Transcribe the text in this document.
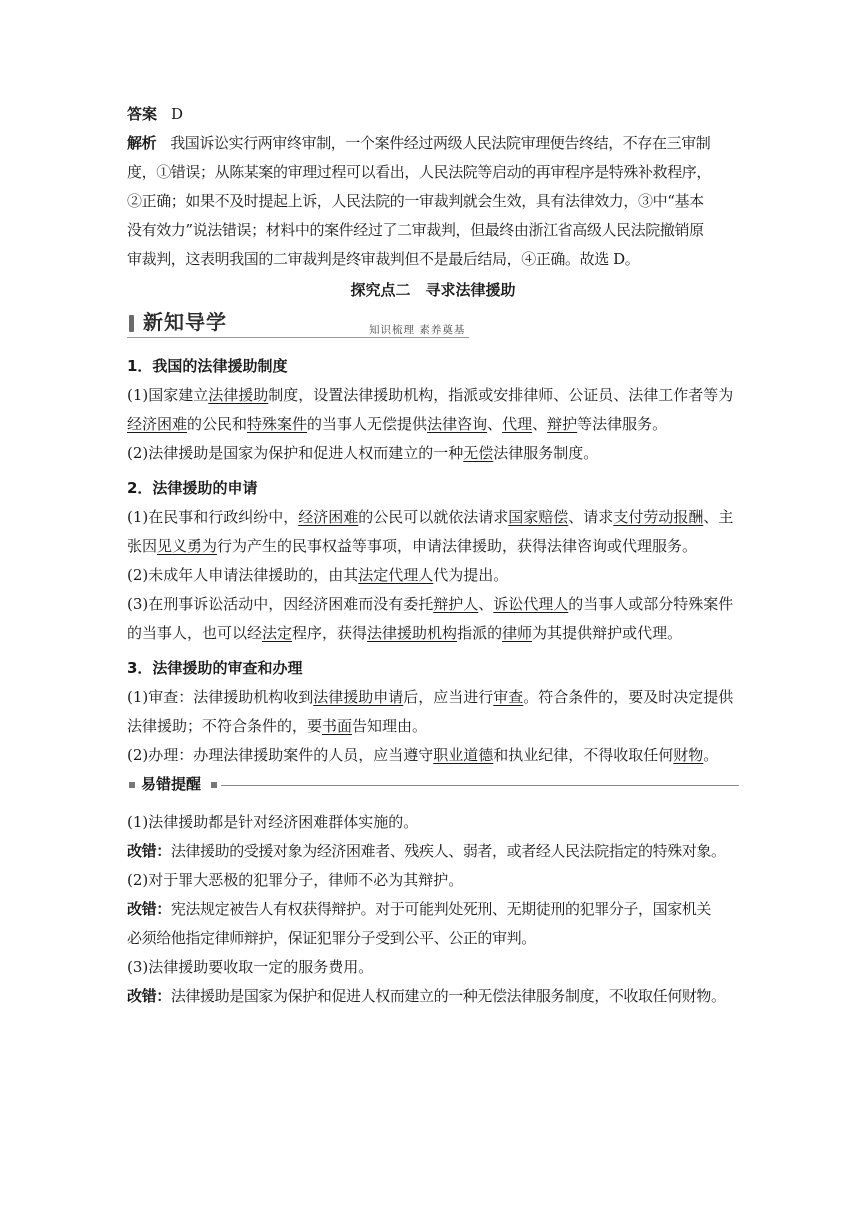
答案 D
解析 我国诉讼实行两审终审制，一个案件经过两级人民法院审理便告终结，不存在三审制
度，①错误；从陈某案的审理过程可以看出，人民法院等启动的再审程序是特殊补救程序，
②正确；如果不及时提起上诉，人民法院的一审裁判就会生效，具有法律效力，③中“基本
没有效力”说法错误；材料中的案件经过了二审裁判，但最终由浙江省高级人民法院撤销原
审裁判，这表明我国的二审裁判是终审裁判但不是最后结局，④正确。故选 D。
探究点二　寻求法律援助
新知导学	知识梳理 素养奠基
1．我国的法律援助制度
(1)国家建立法律援助制度，设置法律援助机构，指派或安排律师、公证员、法律工作者等为
经济困难的公民和特殊案件的当事人无偿提供法律咨询、代理、辩护等法律服务。
(2)法律援助是国家为保护和促进人权而建立的一种无偿法律服务制度。
2．法律援助的申请
(1)在民事和行政纠纷中，经济困难的公民可以就依法请求国家赔偿、请求支付劳动报酬、主
张因见义勇为行为产生的民事权益等事项，申请法律援助，获得法律咨询或代理服务。
(2)未成年人申请法律援助的，由其法定代理人代为提出。
(3)在刑事诉讼活动中，因经济困难而没有委托辩护人、诉讼代理人的当事人或部分特殊案件
的当事人，也可以经法定程序，获得法律援助机构指派的律师为其提供辩护或代理。
3．法律援助的审查和办理
(1)审查：法律援助机构收到法律援助申请后，应当进行审查。符合条件的，要及时决定提供
法律援助；不符合条件的，要书面告知理由。
(2)办理：办理法律援助案件的人员，应当遵守职业道德和执业纪律，不得收取任何财物。
易错提醒
(1)法律援助都是针对经济困难群体实施的。
改错：法律援助的受援对象为经济困难者、残疾人、弱者，或者经人民法院指定的特殊对象。
(2)对于罪大恶极的犯罪分子，律师不必为其辩护。
改错：宪法规定被告人有权获得辩护。对于可能判处死刑、无期徒刑的犯罪分子，国家机关
必须给他指定律师辩护，保证犯罪分子受到公平、公正的审判。
(3)法律援助要收取一定的服务费用。
改错：法律援助是国家为保护和促进人权而建立的一种无偿法律服务制度，不收取任何财物。
